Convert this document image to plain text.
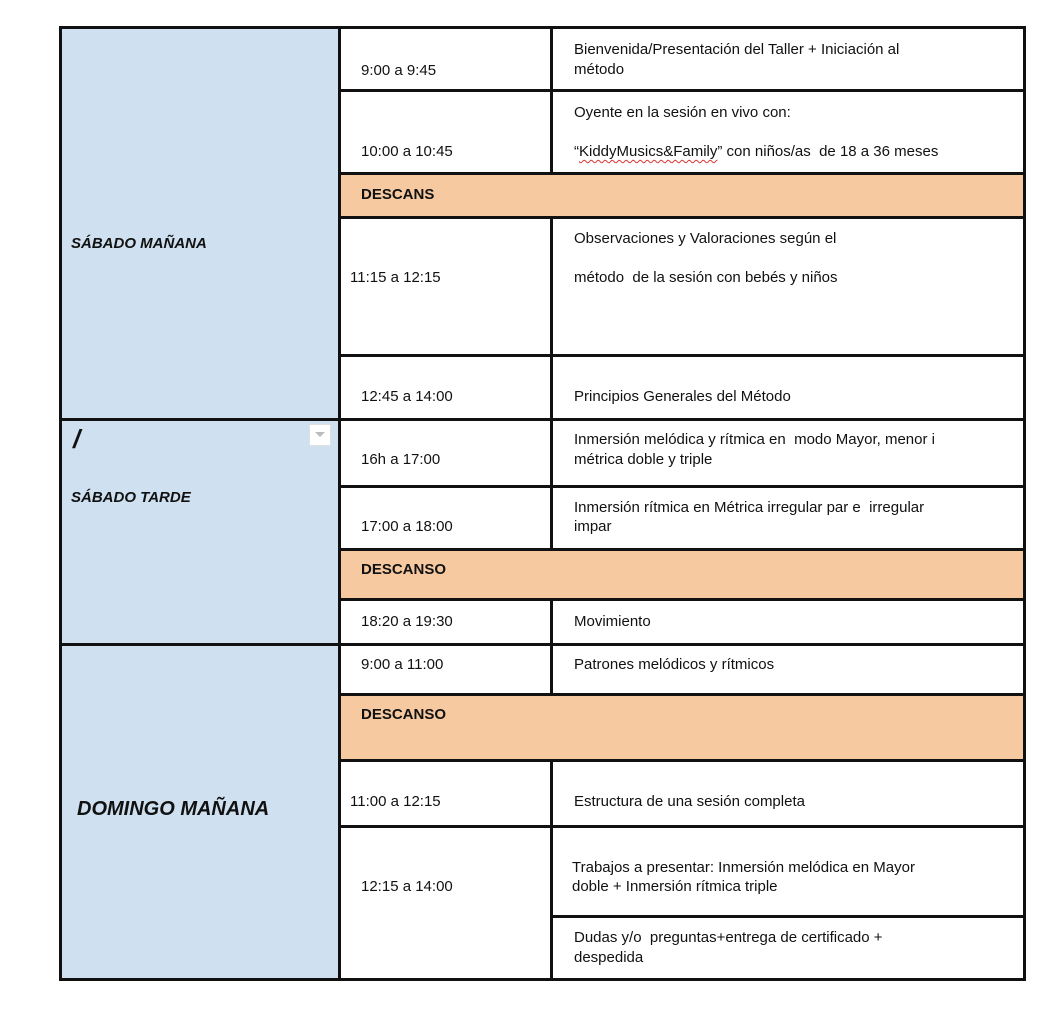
SÁBADO MAÑANA
/
SÁBADO TARDE
DOMINGO MAÑANA
9:00 a 9:45
10:00 a 10:45
11:15 a 12:15
12:45 a 14:00
16h a 17:00
17:00 a 18:00
18:20 a 19:30
9:00 a 11:00
11:00 a 12:15
12:15 a 14:00
DESCANS
DESCANSO
DESCANSO
Bienvenida/Presentación del Taller + Iniciación al
método
Oyente en la sesión en vivo con:
“KiddyMusics&Family” con niños/as  de 18 a 36 meses
Observaciones y Valoraciones según el
método  de la sesión con bebés y niños
Principios Generales del Método
Inmersión melódica y rítmica en  modo Mayor, menor i
métrica doble y triple
Inmersión rítmica en Métrica irregular par e  irregular
impar
Movimiento
Patrones melódicos y rítmicos
Estructura de una sesión completa
Trabajos a presentar: Inmersión melódica en Mayor
doble + Inmersión rítmica triple
Dudas y/o  preguntas+entrega de certificado +
despedida
